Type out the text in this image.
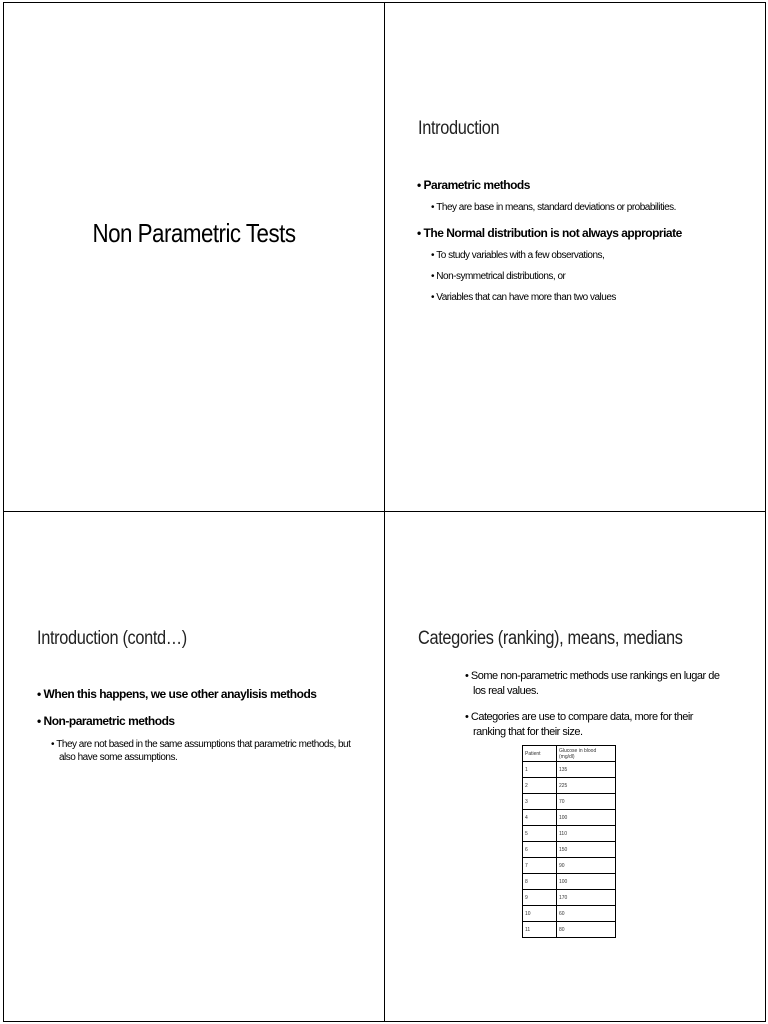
Non Parametric Tests
Introduction
• Parametric methods
• They are base in means, standard deviations or probabilities.
• The Normal distribution is not always appropriate
• To study variables with a few observations,
• Non-symmetrical distributions, or
• Variables that can have more than two values
Introduction (contd…)
• When this happens, we use other anaylisis methods
• Non-parametric methods
• They are not based in the same assumptions that parametric methods, but also have some assumptions.
Categories (ranking), means, medians
• Some non-parametric methods use rankings en lugar de los real values.
• Categories are use to compare data, more for their ranking that for their size.
Patient	Glucose in blood (mg/dl)
1	135
2	225
3	70
4	100
5	110
6	150
7	90
8	100
9	170
10	60
11	80
